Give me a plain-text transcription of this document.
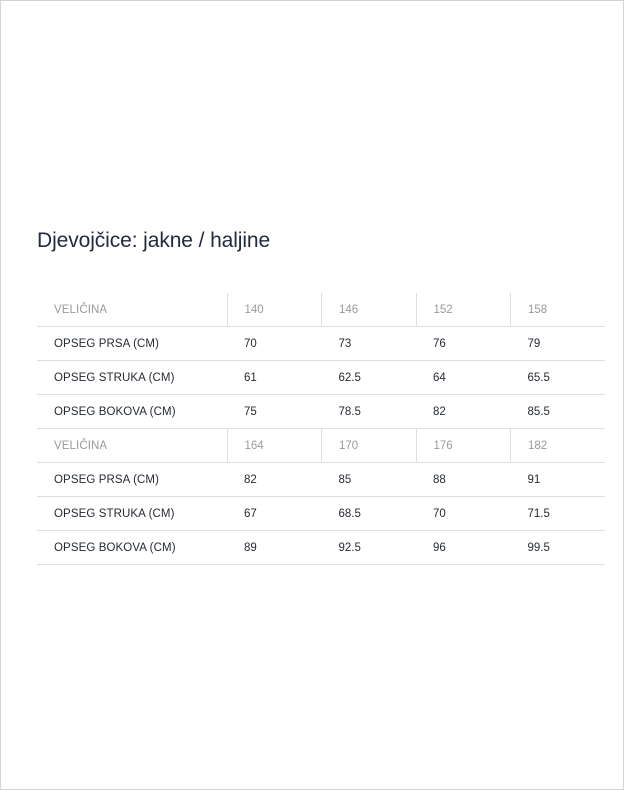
Djevojčice: jakne / haljine
VELIČINA	140	146	152	158
OPSEG PRSA (CM)	70	73	76	79
OPSEG STRUKA (CM)	61	62.5	64	65.5
OPSEG BOKOVA (CM)	75	78.5	82	85.5
VELIČINA	164	170	176	182
OPSEG PRSA (CM)	82	85	88	91
OPSEG STRUKA (CM)	67	68.5	70	71.5
OPSEG BOKOVA (CM)	89	92.5	96	99.5
